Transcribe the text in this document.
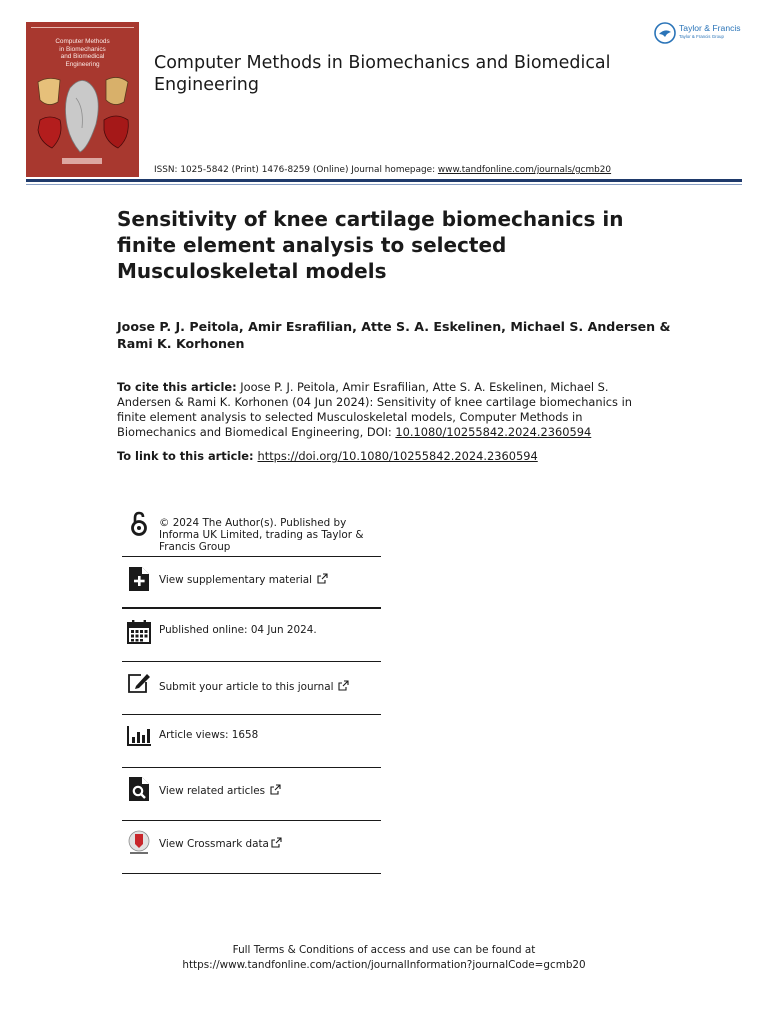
Computer Methods
in Biomechanics
and Biomedical
Engineering	Computer Methods in Biomechanics and Biomedical Engineering
Taylor & Francis
Taylor & Francis Group
ISSN: 1025-5842 (Print) 1476-8259 (Online) Journal homepage: www.tandfonline.com/journals/gcmb20
Sensitivity of knee cartilage biomechanics in finite element analysis to selected Musculoskeletal models
Joose P. J. Peitola, Amir Esrafilian, Atte S. A. Eskelinen, Michael S. Andersen & Rami K. Korhonen
To cite this article: Joose P. J. Peitola, Amir Esrafilian, Atte S. A. Eskelinen, Michael S. Andersen & Rami K. Korhonen (04 Jun 2024): Sensitivity of knee cartilage biomechanics in finite element analysis to selected Musculoskeletal models, Computer Methods in Biomechanics and Biomedical Engineering, DOI: 10.1080/10255842.2024.2360594
To link to this article: https://doi.org/10.1080/10255842.2024.2360594
© 2024 The Author(s). Published by Informa UK Limited, trading as Taylor & Francis Group
View supplementary material
Published online: 04 Jun 2024.
Submit your article to this journal
Article views: 1658
View related articles
View Crossmark data
Full Terms & Conditions of access and use can be found at
https://www.tandfonline.com/action/journalInformation?journalCode=gcmb20
